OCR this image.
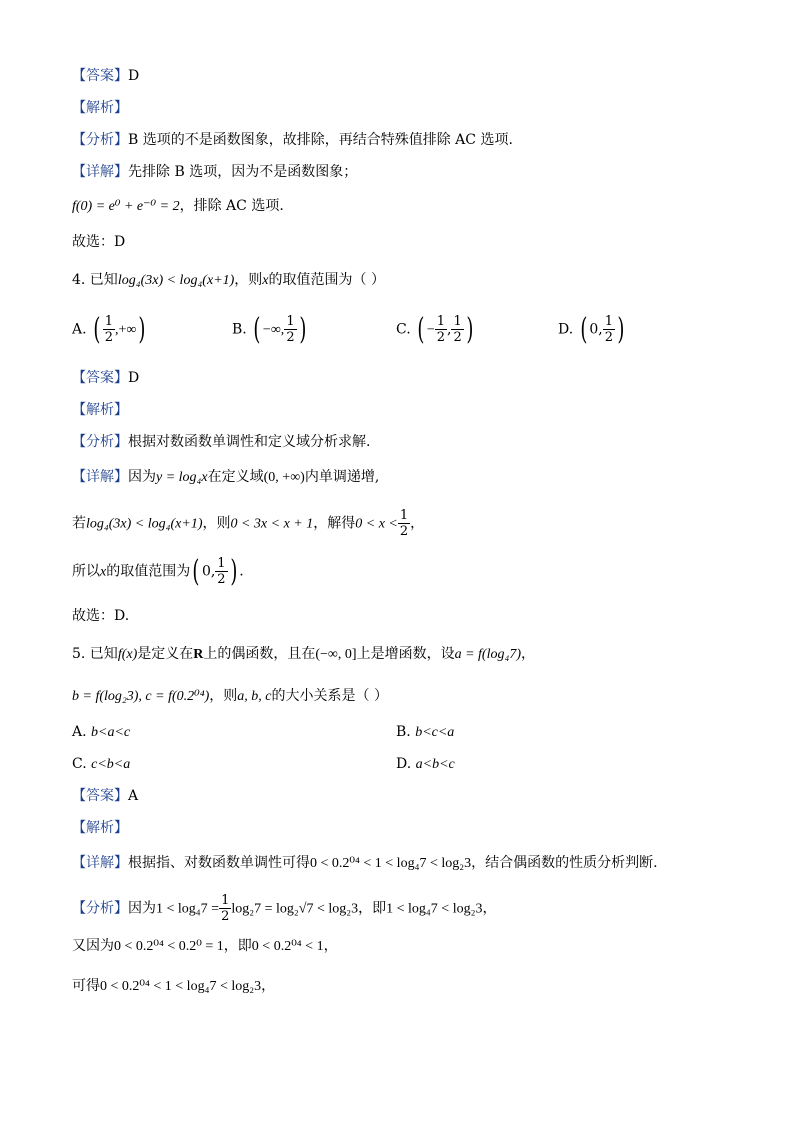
【答案】D
【解析】
【分析】B 选项的不是函数图象，故排除，再结合特殊值排除 AC 选项.
【详解】先排除 B 选项，因为不是函数图象；
f(0) = e⁰ + e⁻⁰ = 2，排除 AC 选项.
故选：D
4. 已知log₄(3x) < log₄(x+1)，则x的取值范围为（ ）
A. ( $\frac{1}{2}$ ,+∞)	B. ( −∞, $\frac{1}{2}$ )	C. ( − $\frac{1}{2}$ , $\frac{1}{2}$ )	D. ( 0, $\frac{1}{2}$ )
【答案】D
【解析】
【分析】根据对数函数单调性和定义域分析求解.
【详解】因为y = log₄x在定义域(0, +∞)内单调递增,
若log₄(3x) < log₄(x+1)，则0 < 3x < x + 1，解得$0 < x < \frac{1}{2}$ ，
所以x的取值范围为( 0, $\frac{1}{2}$ ) .
故选：D.
5. 已知f(x)是定义在R上的偶函数，且在(−∞, 0]上是增函数，设a = f(log₄7)，
b = f(log₂3), c = f(0.2⁰⁴)，则a, b, c的大小关系是（ ）
A. b<a<c	B. b<c<a
C. c<b<a	D. a<b<c
【答案】A
【解析】
【详解】根据指、对数函数单调性可得0 < 0.2⁰⁴ < 1 < log₄7 < log₂3，结合偶函数的性质分析判断.
【分析】因为$1 < \log_47 = \frac{1}{2} \log_27 = \log_2√7 < \log_23$，即1 < log₄7 < log₂3，
又因为0 < 0.2⁰⁴ < 0.2⁰ = 1，即0 < 0.2⁰⁴ < 1，
可得0 < 0.2⁰⁴ < 1 < log₄7 < log₂3，
